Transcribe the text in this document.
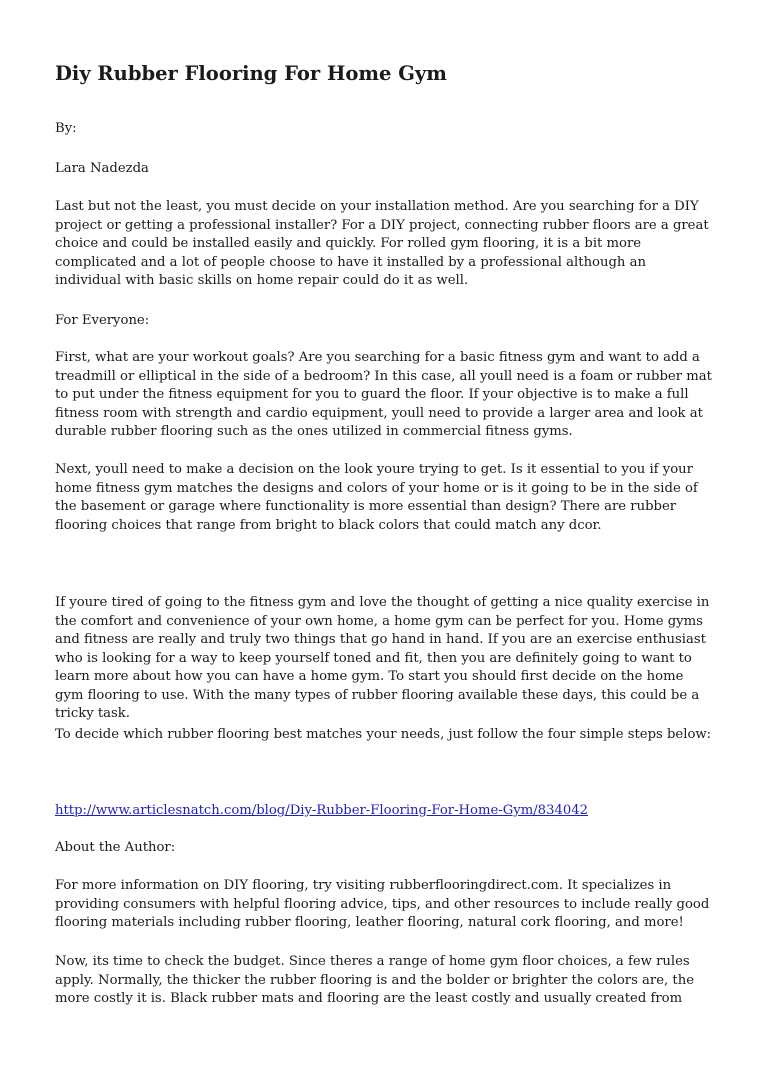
Diy Rubber Flooring For Home Gym

By:

Lara Nadezda

Last but not the least, you must decide on your installation method. Are you searching for a DIY project or getting a professional installer? For a DIY project, connecting rubber floors are a great choice and could be installed easily and quickly. For rolled gym flooring, it is a bit more complicated and a lot of people choose to have it installed by a professional although an individual with basic skills on home repair could do it as well.

For Everyone:

First, what are your workout goals? Are you searching for a basic fitness gym and want to add a treadmill or elliptical in the side of a bedroom? In this case, all youll need is a foam or rubber mat to put under the fitness equipment for you to guard the floor. If your objective is to make a full fitness room with strength and cardio equipment, youll need to provide a larger area and look at durable rubber flooring such as the ones utilized in commercial fitness gyms.

Next, youll need to make a decision on the look youre trying to get. Is it essential to you if your home fitness gym matches the designs and colors of your home or is it going to be in the side of the basement or garage where functionality is more essential than design? There are rubber flooring choices that range from bright to black colors that could match any dcor.

If youre tired of going to the fitness gym and love the thought of getting a nice quality exercise in the comfort and convenience of your own home, a home gym can be perfect for you. Home gyms and fitness are really and truly two things that go hand in hand. If you are an exercise enthusiast who is looking for a way to keep yourself toned and fit, then you are definitely going to want to learn more about how you can have a home gym. To start you should first decide on the home gym flooring to use. With the many types of rubber flooring available these days, this could be a tricky task.

To decide which rubber flooring best matches your needs, just follow the four simple steps below:

http://www.articlesnatch.com/blog/Diy-Rubber-Flooring-For-Home-Gym/834042

About the Author:

For more information on DIY flooring, try visiting rubberflooringdirect.com. It specializes in providing consumers with helpful flooring advice, tips, and other resources to include really good flooring materials including rubber flooring, leather flooring, natural cork flooring, and more!

Now, its time to check the budget. Since theres a range of home gym floor choices, a few rules apply. Normally, the thicker the rubber flooring is and the bolder or brighter the colors are, the more costly it is. Black rubber mats and flooring are the least costly and usually created from
